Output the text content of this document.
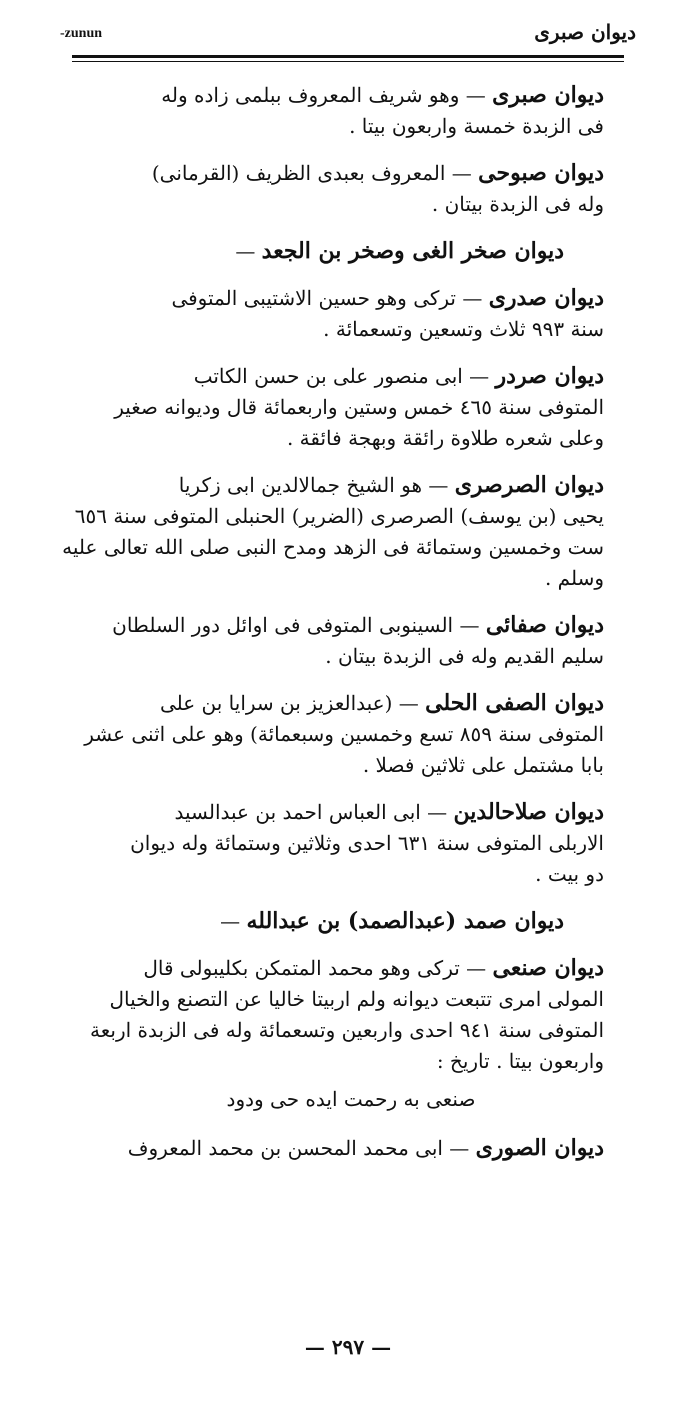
-zunun	ديوان صبرى
ديوان صبرى — وهو شريف المعروف ببلمى زاده وله
فى الزبدة خمسة واربعون بيتا .
ديوان صبوحى — المعروف بعبدى الظريف (القرمانى)
وله فى الزبدة بيتان .
ديوان صخر الغى وصخر بن الجعد —
ديوان صدرى — تركى وهو حسين الاشتيبى المتوفى
سنة ٩٩٣ ثلاث وتسعين وتسعمائة .
ديوان صردر — ابى منصور على بن حسن الكاتب
المتوفى سنة ٤٦٥ خمس وستين واربعمائة قال وديوانه صغير
وعلى شعره طلاوة رائقة وبهجة فائقة .
ديوان الصرصرى — هو الشيخ جمالالدين ابى زكريا
يحيى (بن يوسف) الصرصرى (الضرير) الحنبلى المتوفى سنة ٦٥٦
ست وخمسين وستمائة فى الزهد ومدح النبى صلى الله تعالى عليه
وسلم .
ديوان صفائى — السينوبى المتوفى فى اوائل دور السلطان
سليم القديم وله فى الزبدة بيتان .
ديوان الصفى الحلى — (عبدالعزيز بن سرايا بن على
المتوفى سنة ٨٥٩ تسع وخمسين وسبعمائة) وهو على اثنى عشر
بابا مشتمل على ثلاثين فصلا .
ديوان صلاحالدين — ابى العباس احمد بن عبدالسيد
الاربلى المتوفى سنة ٦٣١ احدى وثلاثين وستمائة وله ديوان
دو بيت .
ديوان صمد (عبدالصمد) بن عبدالله —
ديوان صنعى — تركى وهو محمد المتمكن بكليبولى قال
المولى امرى تتبعت ديوانه ولم اربيتا خاليا عن التصنع والخيال
المتوفى سنة ٩٤١ احدى واربعين وتسعمائة وله فى الزبدة اربعة
واربعون بيتا . تاريخ :
صنعى به رحمت ايده حى ودود
ديوان الصورى — ابى محمد المحسن بن محمد المعروف
— ٢٩٧ —
